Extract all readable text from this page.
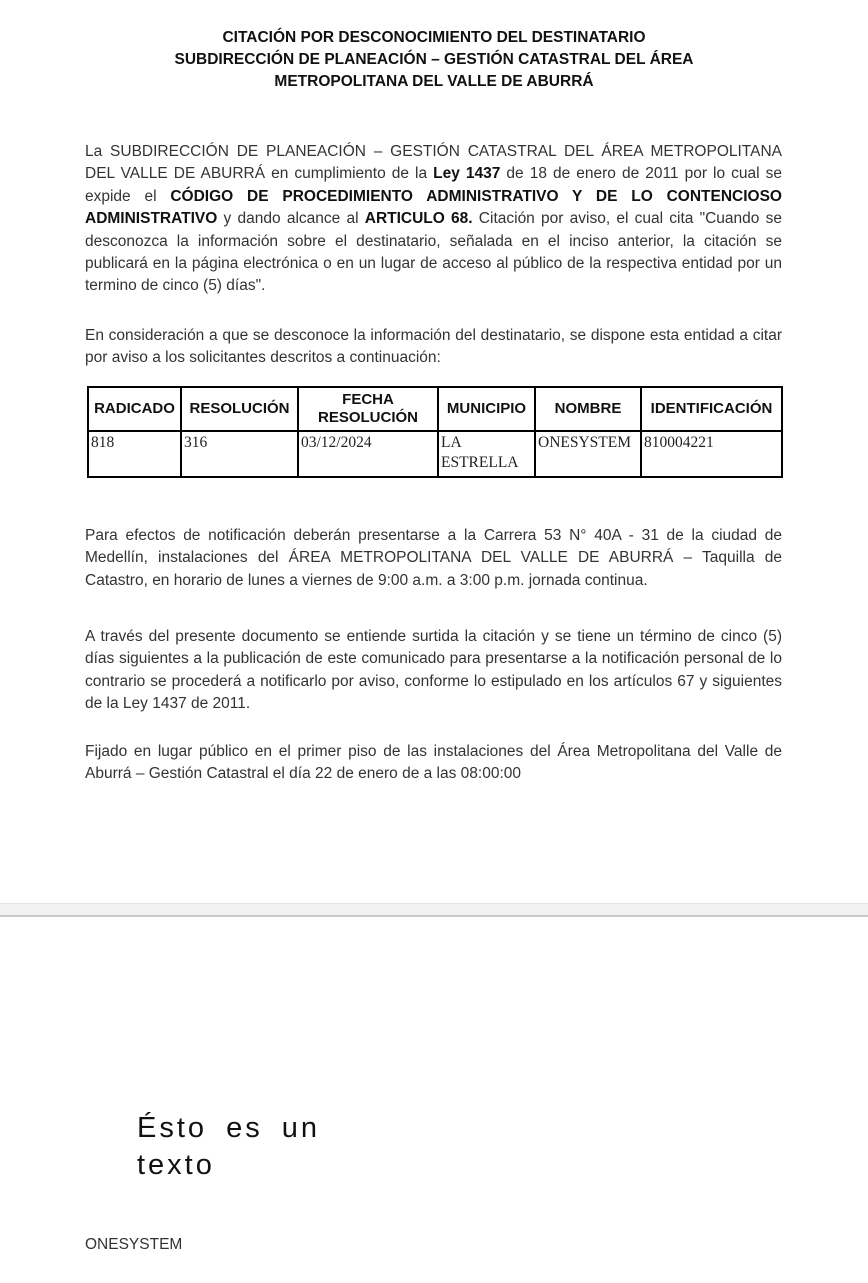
CITACIÓN POR DESCONOCIMIENTO DEL DESTINATARIO
SUBDIRECCIÓN DE PLANEACIÓN – GESTIÓN CATASTRAL DEL ÁREA
METROPOLITANA DEL VALLE DE ABURRÁ

La SUBDIRECCIÓN DE PLANEACIÓN – GESTIÓN CATASTRAL DEL ÁREA METROPOLITANA DEL VALLE DE ABURRÁ en cumplimiento de la Ley 1437 de 18 de enero de 2011 por lo cual se expide el CÓDIGO DE PROCEDIMIENTO ADMINISTRATIVO Y DE LO CONTENCIOSO ADMINISTRATIVO y dando alcance al ARTICULO 68. Citación por aviso, el cual cita "Cuando se desconozca la información sobre el destinatario, señalada en el inciso anterior, la citación se publicará en la página electrónica o en un lugar de acceso al público de la respectiva entidad por un termino de cinco (5) días".

En consideración a que se desconoce la información del destinatario, se dispone esta entidad a citar por aviso a los solicitantes descritos a continuación:

RADICADO	RESOLUCIÓN	FECHA RESOLUCIÓN	MUNICIPIO	NOMBRE	IDENTIFICACIÓN
818	316	03/12/2024	LA ESTRELLA	ONESYSTEM	810004221

Para efectos de notificación deberán presentarse a la Carrera 53 N° 40A - 31 de la ciudad de Medellín, instalaciones del ÁREA METROPOLITANA DEL VALLE DE ABURRÁ – Taquilla de Catastro, en horario de lunes a viernes de 9:00 a.m. a 3:00 p.m. jornada continua.

A través del presente documento se entiende surtida la citación y se tiene un término de cinco (5) días siguientes a la publicación de este comunicado para presentarse a la notificación personal de lo contrario se procederá a notificarlo por aviso, conforme lo estipulado en los artículos 67 y siguientes de la Ley 1437 de 2011.

Fijado en lugar público en el primer piso de las instalaciones del Área Metropolitana del Valle de Aburrá – Gestión Catastral el día 22 de enero de a las 08:00:00

Ésto es un texto
ONESYSTEM
